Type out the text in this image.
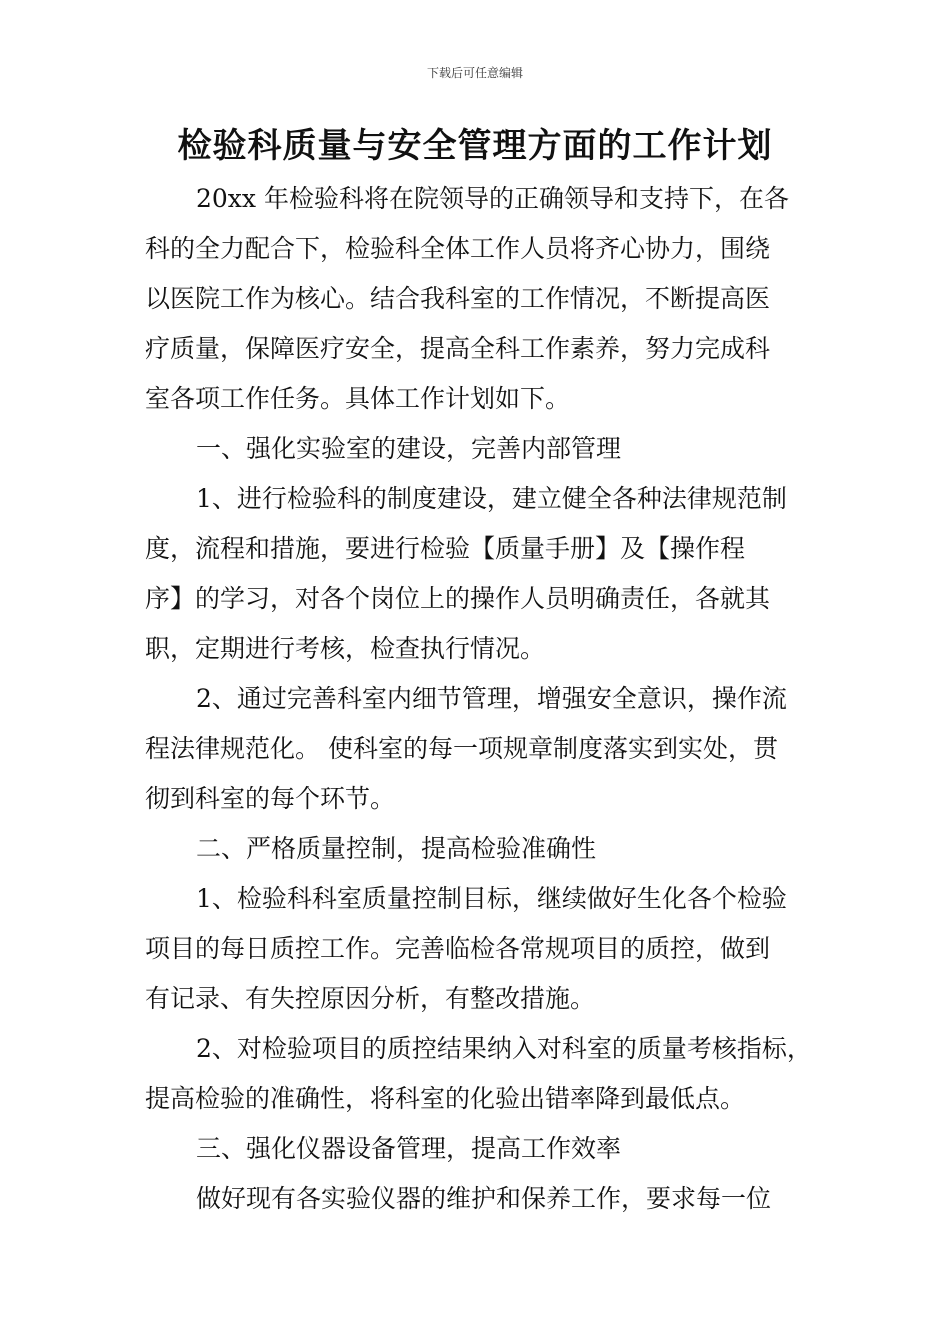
下载后可任意编辑
检验科质量与安全管理方面的工作计划
20xx 年检验科将在院领导的正确领导和支持下，在各
科的全力配合下，检验科全体工作人员将齐心协力，围绕
以医院工作为核心。结合我科室的工作情况，不断提高医
疗质量，保障医疗安全，提高全科工作素养，努力完成科
室各项工作任务。具体工作计划如下。
一、强化实验室的建设，完善内部管理
1、进行检验科的制度建设，建立健全各种法律规范制
度，流程和措施，要进行检验【质量手册】及【操作程
序】的学习，对各个岗位上的操作人员明确责任，各就其
职，定期进行考核，检查执行情况。
2、通过完善科室内细节管理，增强安全意识，操作流
程法律规范化。 使科室的每一项规章制度落实到实处，贯
彻到科室的每个环节。
二、严格质量控制，提高检验准确性
1、检验科科室质量控制目标，继续做好生化各个检验
项目的每日质控工作。完善临检各常规项目的质控，做到
有记录、有失控原因分析，有整改措施。
2、对检验项目的质控结果纳入对科室的质量考核指标，
提高检验的准确性，将科室的化验出错率降到最低点。
三、强化仪器设备管理，提高工作效率
做好现有各实验仪器的维护和保养工作，要求每一位
